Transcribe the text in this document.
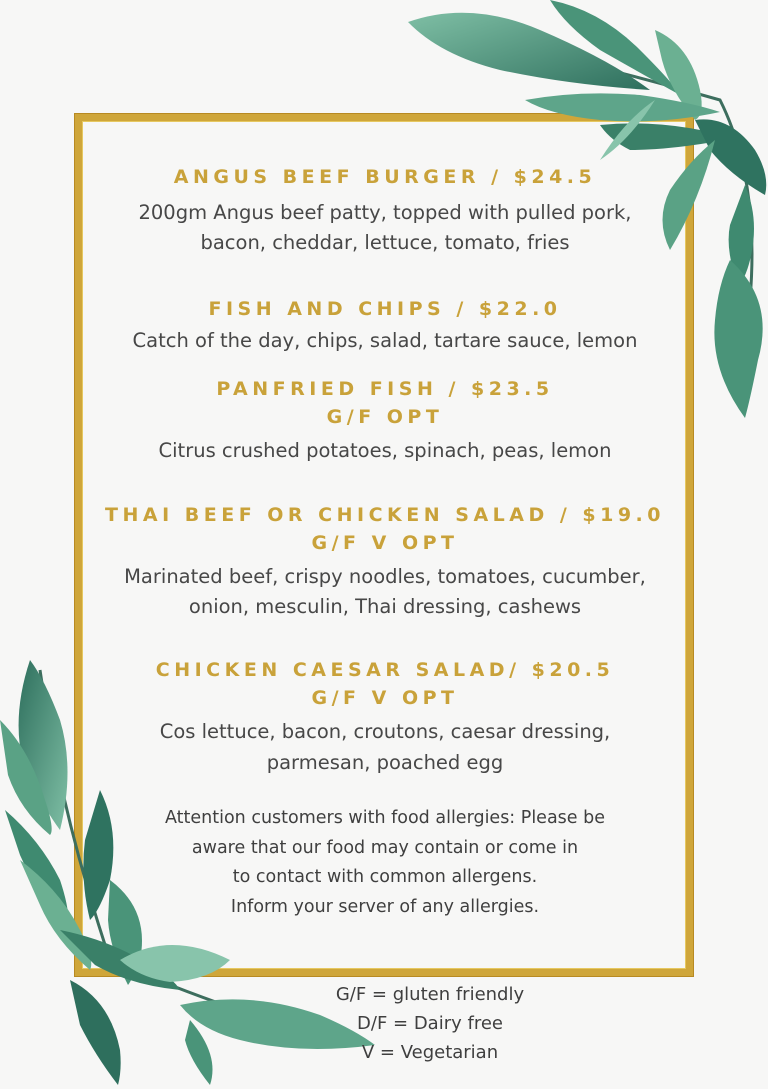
ANGUS BEEF BURGER / $24.5
200gm Angus beef patty, topped with pulled pork,
bacon, cheddar, lettuce, tomato, fries
FISH AND CHIPS / $22.0
Catch of the day, chips, salad, tartare sauce, lemon
PANFRIED FISH / $23.5
G/F OPT
Citrus crushed potatoes, spinach, peas, lemon
THAI BEEF OR CHICKEN SALAD / $19.0
G/F V OPT
Marinated beef, crispy noodles, tomatoes, cucumber,
onion, mesculin, Thai dressing, cashews
CHICKEN CAESAR SALAD/ $20.5
G/F V OPT
Cos lettuce, bacon, croutons, caesar dressing,
parmesan, poached egg
Attention customers with food allergies: Please be
aware that our food may contain or come in
to contact with common allergens.
Inform your server of any allergies.
G/F = gluten friendly
D/F = Dairy free
V = Vegetarian
